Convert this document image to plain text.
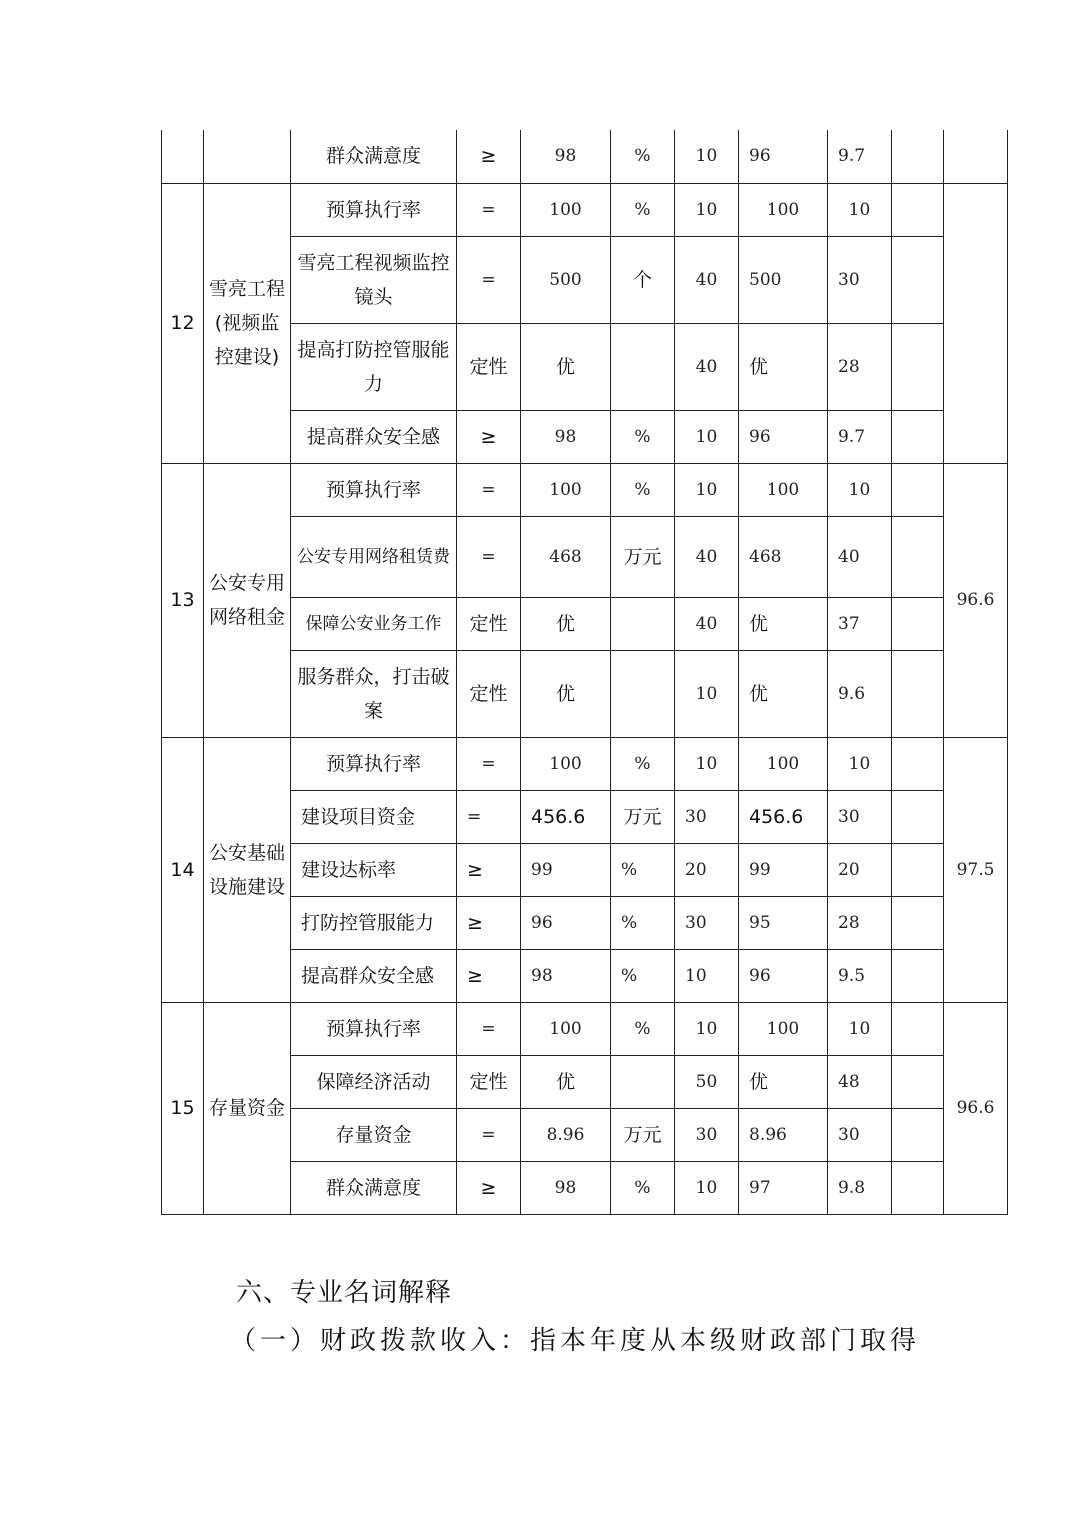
		群众满意度	≥	98	%	10	96	9.7		
12	雪亮工程(视频监控建设)	预算执行率	=	100	%	10	100	10		
		雪亮工程视频监控镜头	=	500	个	40	500	30		
		提高打防控管服能力	定性	优		40	优	28		
		提高群众安全感	≥	98	%	10	96	9.7		
13	公安专用网络租金	预算执行率	=	100	%	10	100	10		96.6
		公安专用网络租赁费	=	468	万元	40	468	40		
		保障公安业务工作	定性	优		40	优	37		
		服务群众，打击破案	定性	优		10	优	9.6		
14	公安基础设施建设	预算执行率	=	100	%	10	100	10		97.5
		建设项目资金	=	456.6	万元	30	456.6	30		
		建设达标率	≥	99	%	20	99	20		
		打防控管服能力	≥	96	%	30	95	28		
		提高群众安全感	≥	98	%	10	96	9.5		
15	存量资金	预算执行率	=	100	%	10	100	10		96.6
		保障经济活动	定性	优		50	优	48		
		存量资金	=	8.96	万元	30	8.96	30		
		群众满意度	≥	98	%	10	97	9.8		
六、专业名词解释
（一）财政拨款收入：指本年度从本级财政部门取得
